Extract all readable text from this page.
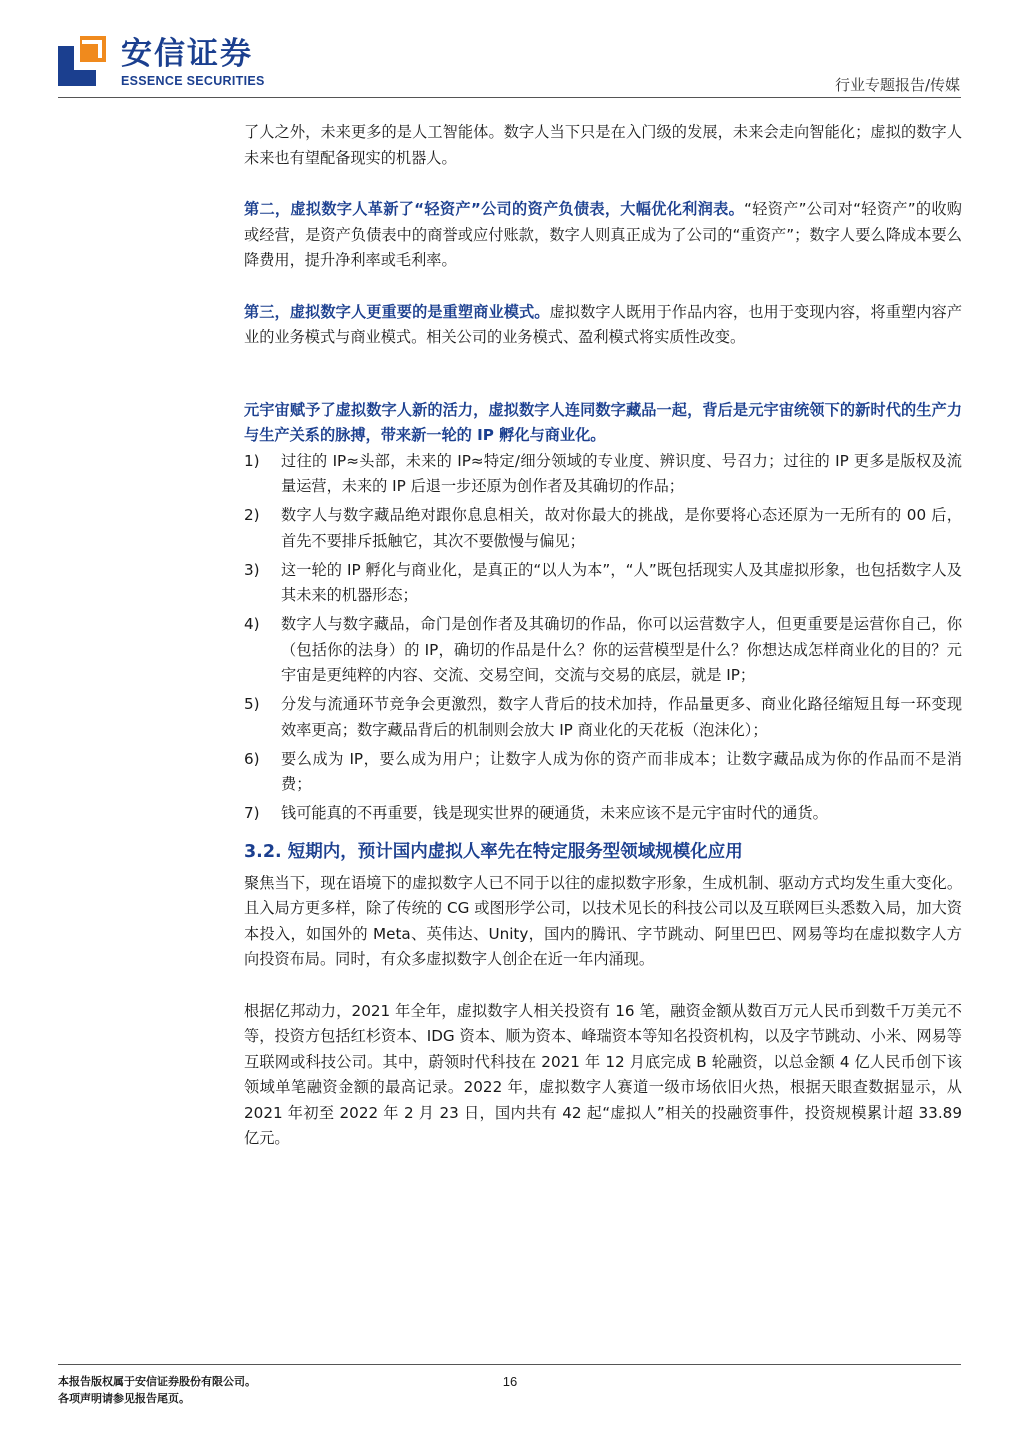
安信证券
ESSENCE SECURITIES	行业专题报告/传媒

了人之外，未来更多的是人工智能体。数字人当下只是在入门级的发展，未来会走向智能化；虚拟的数字人未来也有望配备现实的机器人。

第二，虚拟数字人革新了“轻资产”公司的资产负债表，大幅优化利润表。“轻资产”公司对“轻资产”的收购或经营，是资产负债表中的商誉或应付账款，数字人则真正成为了公司的“重资产”；数字人要么降成本要么降费用，提升净利率或毛利率。

第三，虚拟数字人更重要的是重塑商业模式。虚拟数字人既用于作品内容，也用于变现内容，将重塑内容产业的业务模式与商业模式。相关公司的业务模式、盈利模式将实质性改变。

元宇宙赋予了虚拟数字人新的活力，虚拟数字人连同数字藏品一起，背后是元宇宙统领下的新时代的生产力与生产关系的脉搏，带来新一轮的 IP 孵化与商业化。

1)	过往的 IP≈头部，未来的 IP≈特定/细分领域的专业度、辨识度、号召力；过往的 IP 更多是版权及流量运营，未来的 IP 后退一步还原为创作者及其确切的作品；
2)	数字人与数字藏品绝对跟你息息相关，故对你最大的挑战，是你要将心态还原为一无所有的 00 后，首先不要排斥抵触它，其次不要傲慢与偏见；
3)	这一轮的 IP 孵化与商业化，是真正的“以人为本”，“人”既包括现实人及其虚拟形象，也包括数字人及其未来的机器形态；
4)	数字人与数字藏品，命门是创作者及其确切的作品，你可以运营数字人，但更重要是运营你自己，你（包括你的法身）的 IP，确切的作品是什么？你的运营模型是什么？你想达成怎样商业化的目的？元宇宙是更纯粹的内容、交流、交易空间，交流与交易的底层，就是 IP；
5)	分发与流通环节竞争会更激烈，数字人背后的技术加持，作品量更多、商业化路径缩短且每一环变现效率更高；数字藏品背后的机制则会放大 IP 商业化的天花板（泡沫化）；
6)	要么成为 IP，要么成为用户；让数字人成为你的资产而非成本；让数字藏品成为你的作品而不是消费；
7)	钱可能真的不再重要，钱是现实世界的硬通货，未来应该不是元宇宙时代的通货。
3.2. 短期内，预计国内虚拟人率先在特定服务型领域规模化应用

聚焦当下，现在语境下的虚拟数字人已不同于以往的虚拟数字形象，生成机制、驱动方式均发生重大变化。且入局方更多样，除了传统的 CG 或图形学公司，以技术见长的科技公司以及互联网巨头悉数入局，加大资本投入，如国外的 Meta、英伟达、Unity，国内的腾讯、字节跳动、阿里巴巴、网易等均在虚拟数字人方向投资布局。同时，有众多虚拟数字人创企在近一年内涌现。

根据亿邦动力，2021 年全年，虚拟数字人相关投资有 16 笔，融资金额从数百万元人民币到数千万美元不等，投资方包括红杉资本、IDG 资本、顺为资本、峰瑞资本等知名投资机构，以及字节跳动、小米、网易等互联网或科技公司。其中，蔚领时代科技在 2021 年 12 月底完成 B 轮融资，以总金额 4 亿人民币创下该领域单笔融资金额的最高记录。2022 年，虚拟数字人赛道一级市场依旧火热，根据天眼查数据显示，从 2021 年初至 2022 年 2 月 23 日，国内共有 42 起“虚拟人”相关的投融资事件，投资规模累计超 33.89 亿元。

本报告版权属于安信证券股份有限公司。
各项声明请参见报告尾页。
16
